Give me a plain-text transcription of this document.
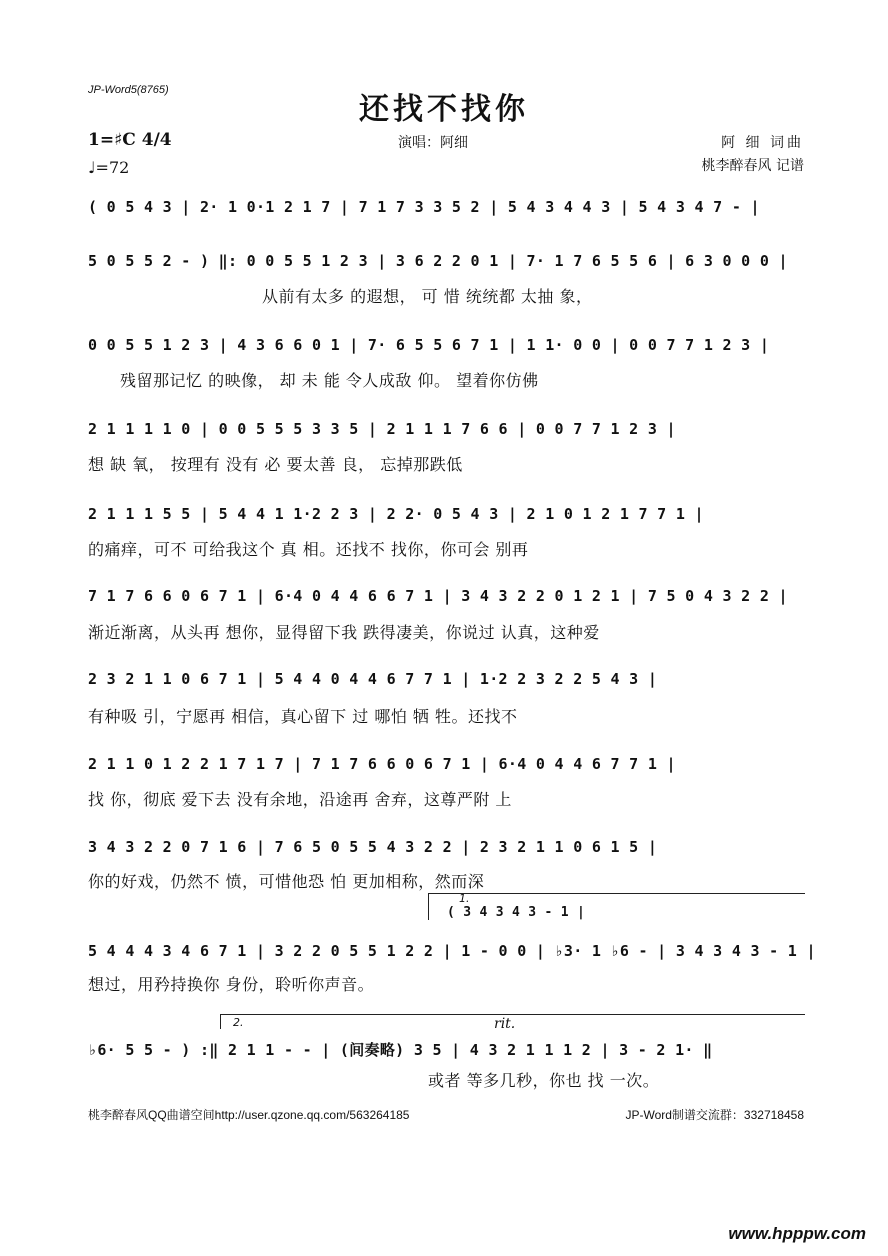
JP-Word5(8765)
还找不找你
1=♯C 4/4
♩=72
演唱：阿细	阿 细 词曲
桃李醉春风 记谱
( 0 5 4 3 | 2· 1 0·1 2 1 7 | 7 1 7 3 3 5 2 | 5 4 3 4 4 3 | 5 4 3 4 7 - |
5 0 5 5 2 - ) ‖: 0 0 5 5 1 2 3 | 3 6 2 2 0 1 | 7· 1 7 6 5 5 6 | 6 3 0 0 0 |
从前有太多 的遐想， 可 惜 统统都 太抽 象，
0 0 5 5 1 2 3 | 4 3 6 6 0 1 | 7· 6 5 5 6 7 1 | 1 1· 0 0 | 0 0 7 7 1 2 3 |
残留那记忆 的映像， 却 未 能 令人成敌 仰。 望着你仿佛
2 1 1 1 1 0 | 0 0 5 5 5 3 3 5 | 2 1 1 1 7 6 6 | 0 0 7 7 1 2 3 |
想 缺 氧， 按理有 没有 必 要太善 良， 忘掉那跌低
2 1 1 1 5 5 | 5 4 4 1 1·2 2 3 | 2 2· 0 5 4 3 | 2 1 0 1 2 1 7 7 1 |
的痛痒，可不 可给我这个 真 相。还找不 找你，你可会 别再
7 1 7 6 6 0 6 7 1 | 6·4 0 4 4 6 6 7 1 | 3 4 3 2 2 0 1 2 1 | 7 5 0 4 3 2 2 |
渐近渐离，从头再 想你，显得留下我 跌得凄美，你说过 认真，这种爱
2 3 2 1 1 0 6 7 1 | 5 4 4 0 4 4 6 7 7 1 | 1·2 2 3 2 2 5 4 3 |
有种吸 引，宁愿再 相信，真心留下 过 哪怕 牺 牲。还找不
2 1 1 0 1 2 2 1 7 1 7 | 7 1 7 6 6 0 6 7 1 | 6·4 0 4 4 6 7 7 1 |
找 你，彻底 爱下去 没有余地，沿途再 舍弃，这尊严附 上
3 4 3 2 2 0 7 1 6 | 7 6 5 0 5 5 4 3 2 2 | 2 3 2 1 1 0 6 1 5 |
你的好戏，仍然不 愤，可惜他恐 怕 更加相称，然而深
1.
( 3 4 3 4 3 - 1 |
5 4 4 4 3 4 6 7 1 | 3 2 2 0 5 5 1 2 2 | 1 - 0 0 | ♭3· 1 ♭6 - | 3 4 3 4 3 - 1 |
想过，用矜持换你 身份，聆听你声音。
2.	rit.
♭6· 5 5 - ) :‖ 2 1 1 - - | (间奏略) 3 5 | 4 3 2 1 1 1 2 | 3 - 2 1· ‖
或者 等多几秒，你也 找 一次。
桃李醉春风QQ曲谱空间http://user.qzone.qq.com/563264185	JP-Word制谱交流群：332718458
www.hpppw.com
